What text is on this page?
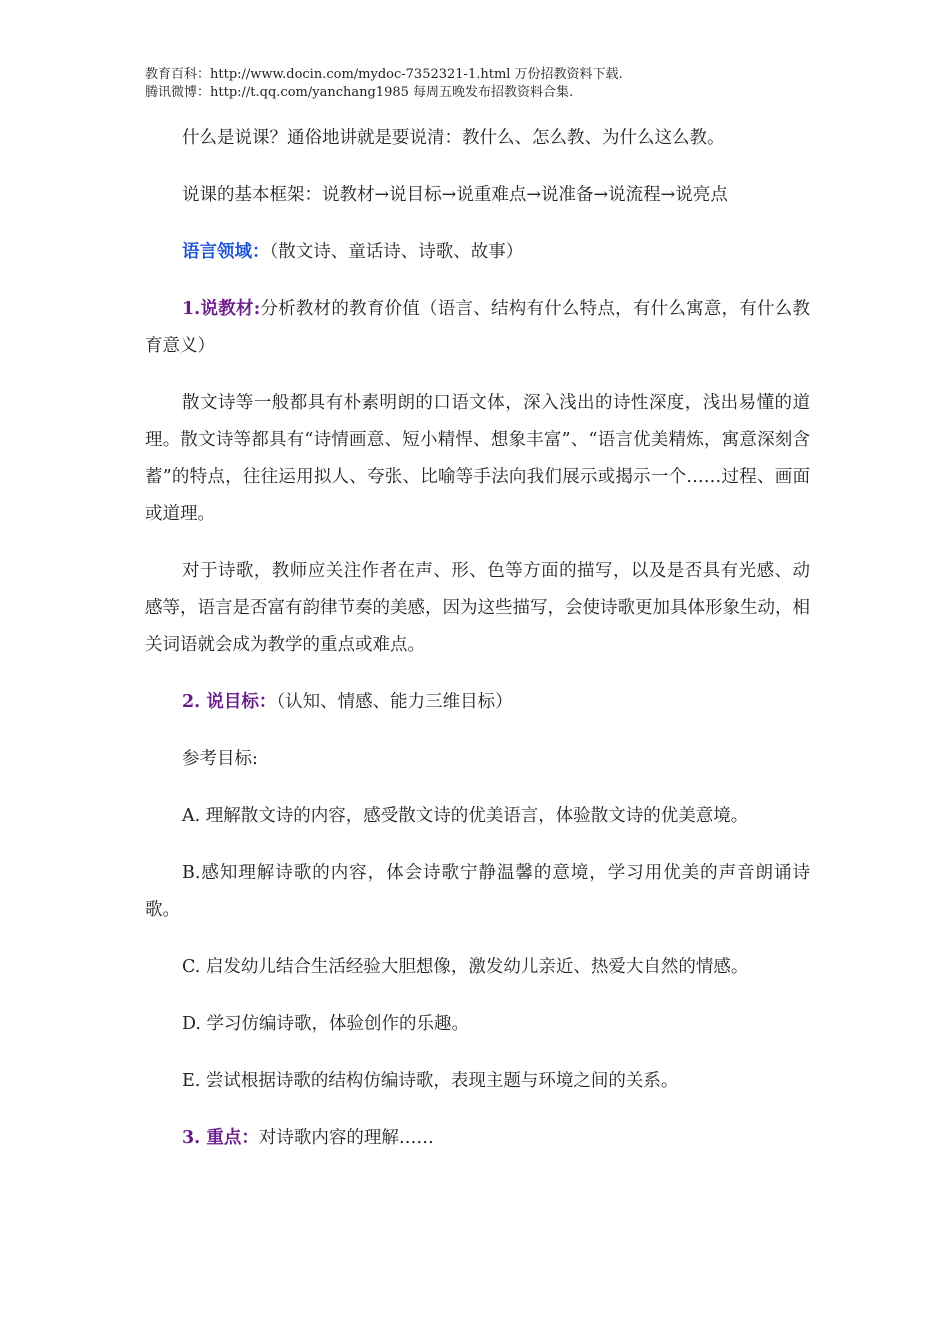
教育百科：http://www.docin.com/mydoc-7352321-1.html 万份招教资料下载.
腾讯微博：http://t.qq.com/yanchang1985 每周五晚发布招教资料合集.

什么是说课？通俗地讲就是要说清：教什么、怎么教、为什么这么教。

说课的基本框架：说教材→说目标→说重难点→说准备→说流程→说亮点

语言领域：（散文诗、童话诗、诗歌、故事）

1.说教材:分析教材的教育价值（语言、结构有什么特点，有什么寓意，有什么教育意义）

散文诗等一般都具有朴素明朗的口语文体，深入浅出的诗性深度，浅出易懂的道理。散文诗等都具有“诗情画意、短小精悍、想象丰富”、“语言优美精炼，寓意深刻含蓄”的特点，往往运用拟人、夸张、比喻等手法向我们展示或揭示一个……过程、画面或道理。

对于诗歌，教师应关注作者在声、形、色等方面的描写，以及是否具有光感、动感等，语言是否富有韵律节奏的美感，因为这些描写，会使诗歌更加具体形象生动，相关词语就会成为教学的重点或难点。

2. 说目标：（认知、情感、能力三维目标）

参考目标:

A. 理解散文诗的内容，感受散文诗的优美语言，体验散文诗的优美意境。

B.感知理解诗歌的内容，体会诗歌宁静温馨的意境，学习用优美的声音朗诵诗歌。

C. 启发幼儿结合生活经验大胆想像，激发幼儿亲近、热爱大自然的情感。

D. 学习仿编诗歌，体验创作的乐趣。

E. 尝试根据诗歌的结构仿编诗歌，表现主题与环境之间的关系。

3. 重点：对诗歌内容的理解……
